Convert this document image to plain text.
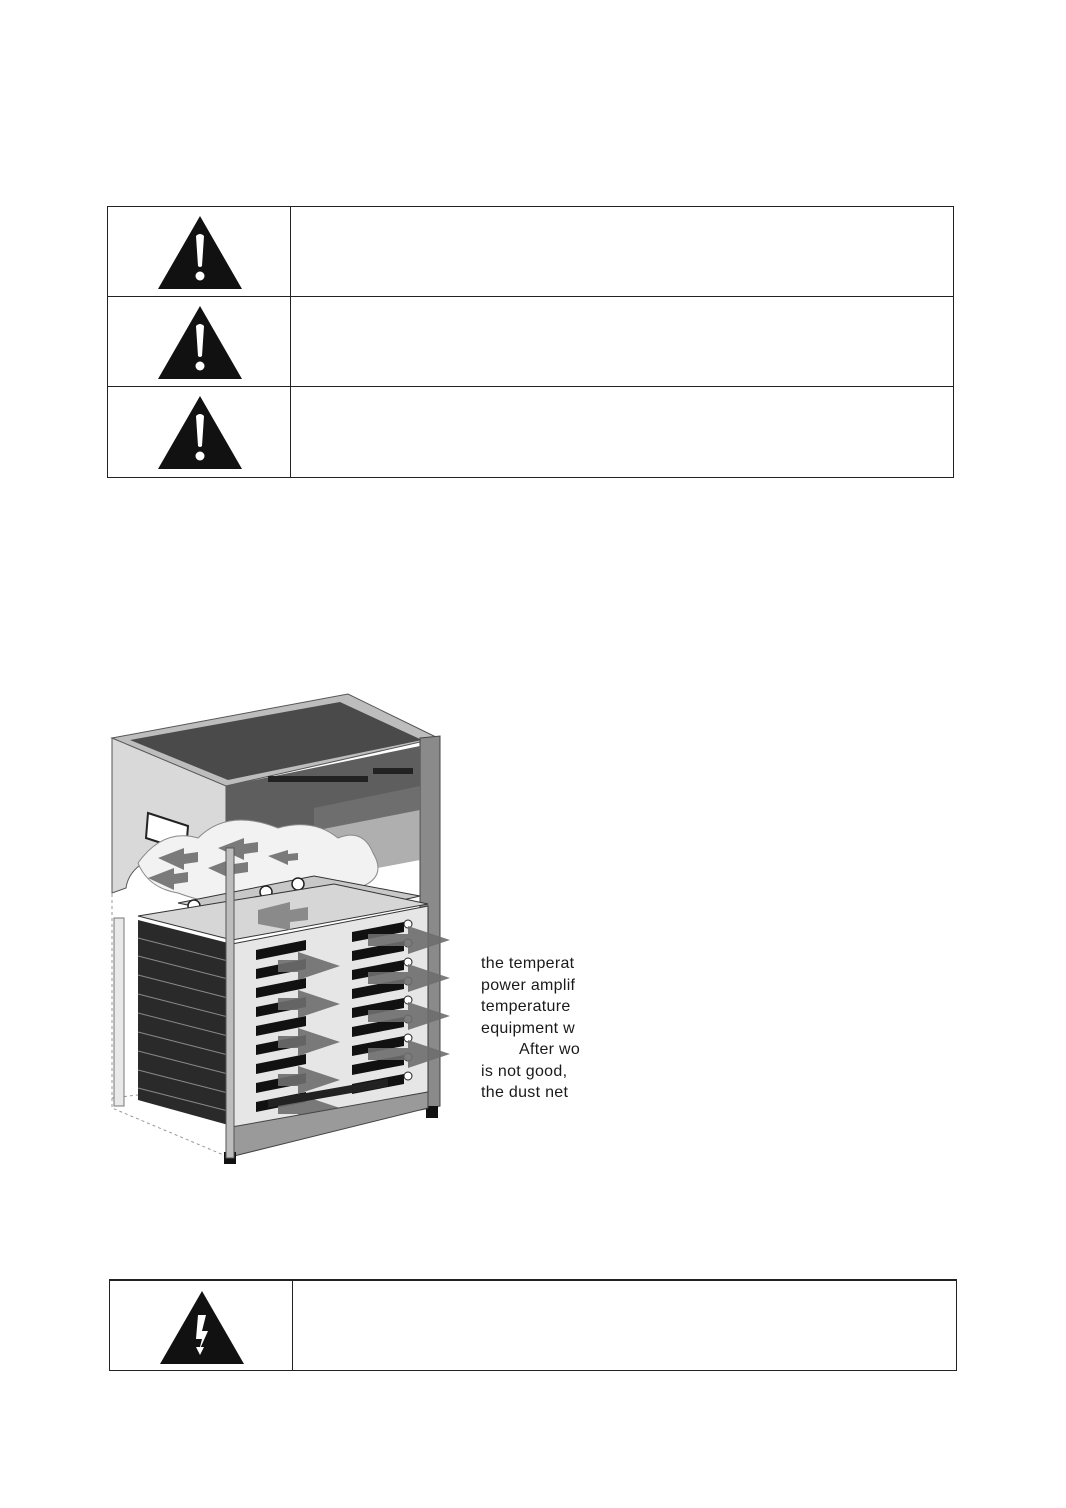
the temperat
power amplif
temperature
equipment w
After wo
is not good,
the dust net
